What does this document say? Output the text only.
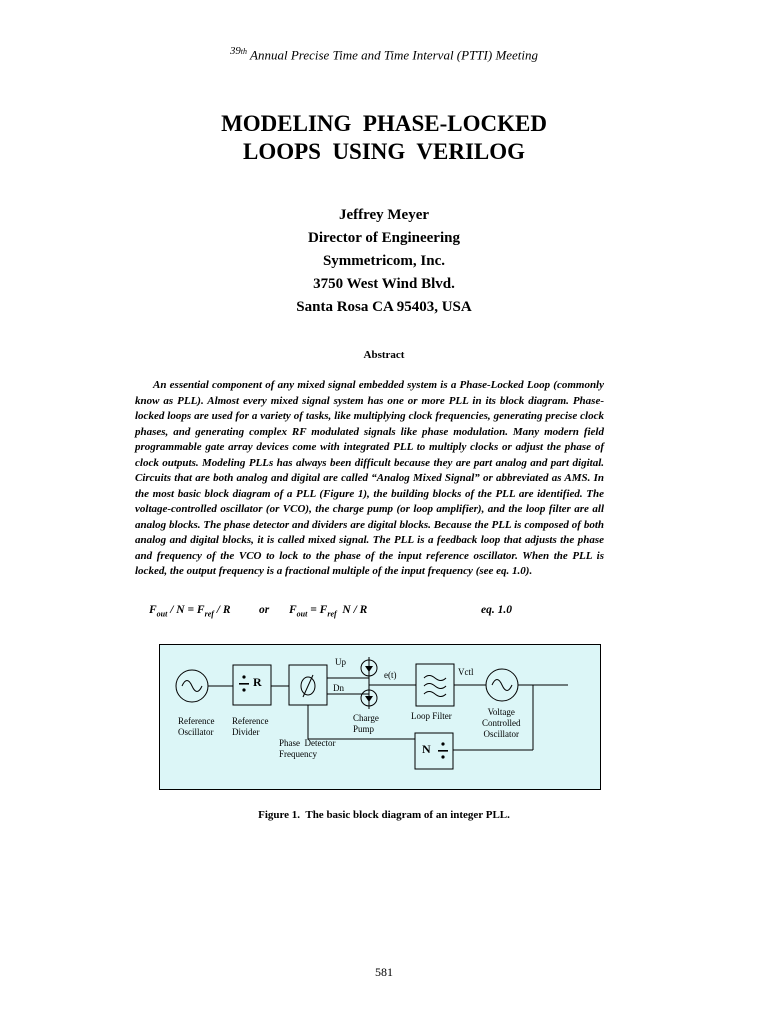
$^{39th}$ Annual Precise Time and Time Interval (PTTI) Meeting
MODELING  PHASE-LOCKED
LOOPS  USING  VERILOG
Jeffrey Meyer
Director of Engineering
Symmetricom, Inc.
3750 West Wind Blvd.
Santa Rosa CA 95403, USA
Abstract
An essential component of any mixed signal embedded system is a Phase-Locked Loop (commonly know as PLL). Almost every mixed signal system has one or more PLL in its block diagram. Phase-locked loops are used for a variety of tasks, like multiplying clock frequencies, generating precise clock phases, and generating complex RF modulated signals like phase modulation. Many modern field programmable gate array devices come with integrated PLL to multiply clocks or adjust the phase of clock outputs. Modeling PLLs has always been difficult because they are part analog and part digital. Circuits that are both analog and digital are called “Analog Mixed Signal” or abbreviated as AMS. In the most basic block diagram of a PLL (Figure 1), the building blocks of the PLL are identified. The voltage-controlled oscillator (or VCO), the charge pump (or loop amplifier), and the loop filter are all analog blocks. The phase detector and dividers are digital blocks. Because the PLL is composed of both analog and digital blocks, it is called mixed signal. The PLL is a feedback loop that adjusts the phase and frequency of the VCO to lock to the phase of the input reference oscillator. When the PLL is locked, the output frequency is a fractional multiple of the input frequency (see eq. 1.0).
$F_{out} / N = F_{ref} / R$ or $F_{out} = F_{ref}$  N / R	eq. 1.0
R
N
Up
Dn
e(t)	Vctl
Reference
Oscillator
Reference
Divider

Phase  Detector
Frequency

Charge
Pump
Loop Filter	Voltage
Controlled
Oscillator
Figure 1.  The basic block diagram of an integer PLL.
581
